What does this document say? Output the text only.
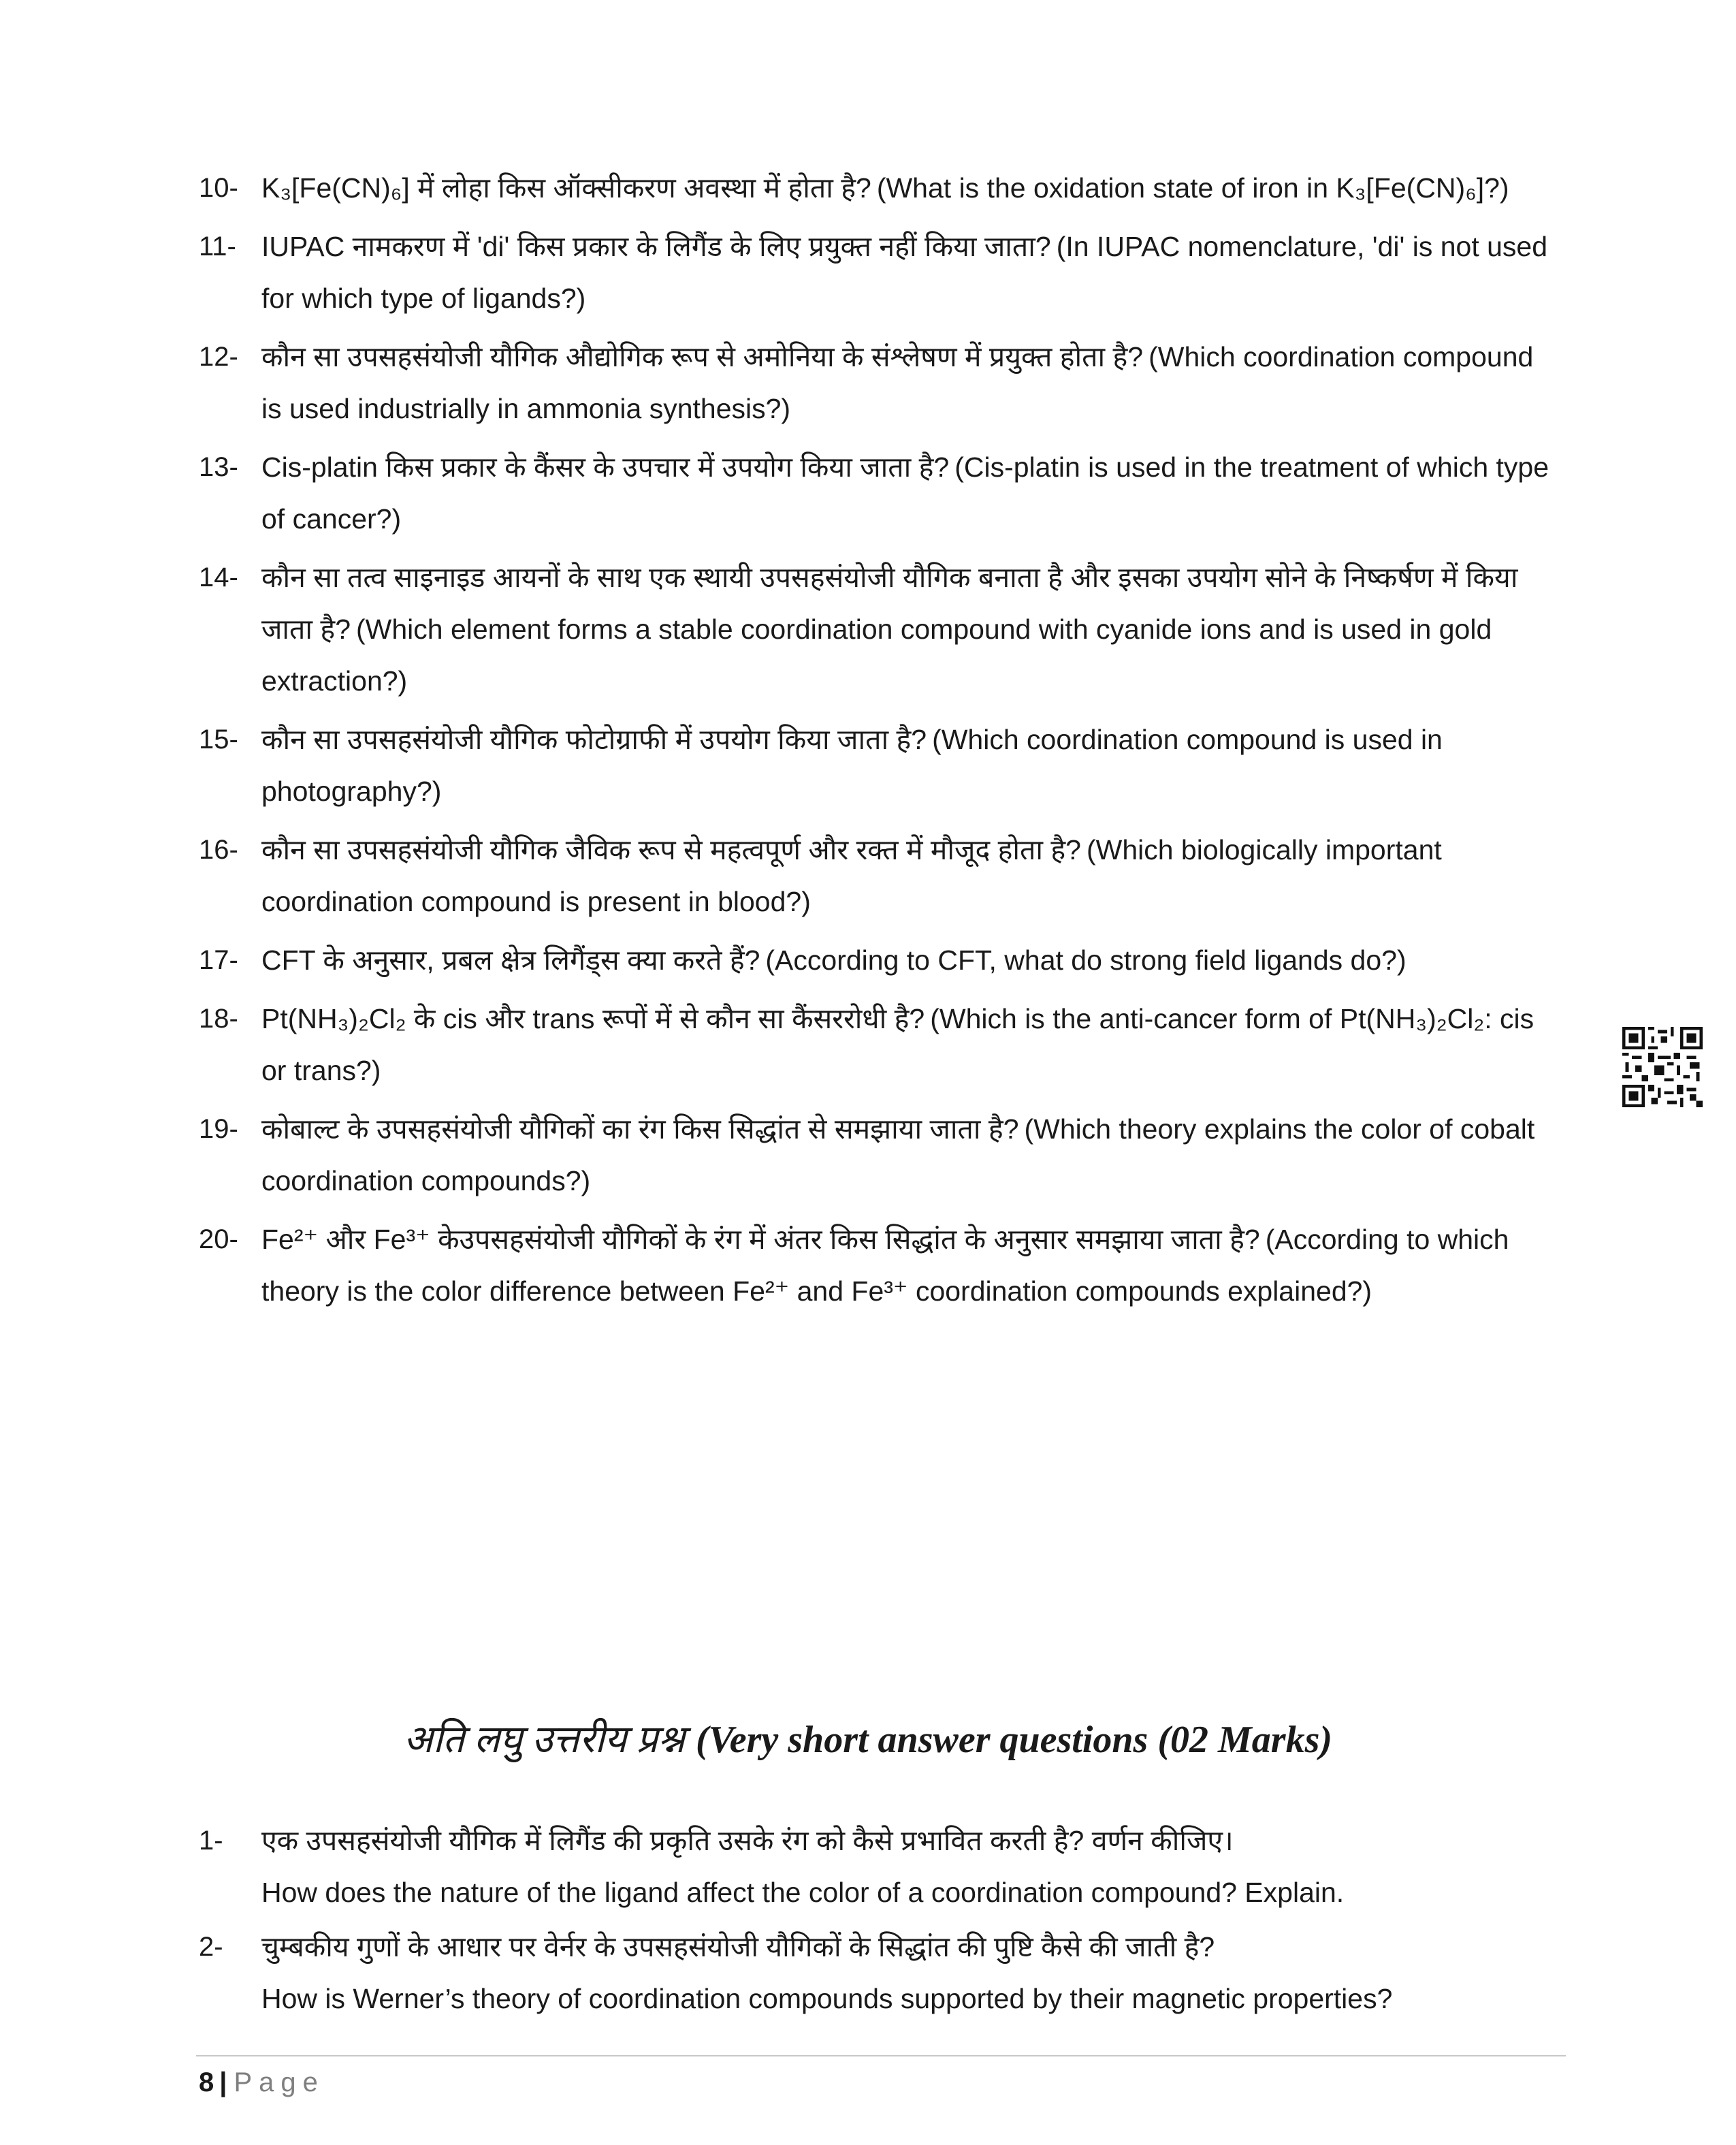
10- K₃[Fe(CN)₆] में लोहा किस ऑक्सीकरण अवस्था में होता है? (What is the oxidation state of iron in K₃[Fe(CN)₆]?)
11- IUPAC नामकरण में 'di' किस प्रकार के लिगैंड के लिए प्रयुक्त नहीं किया जाता? (In IUPAC nomenclature, 'di' is not used for which type of ligands?)
12- कौन सा उपसहसंयोजी यौगिक औद्योगिक रूप से अमोनिया के संश्लेषण में प्रयुक्त होता है? (Which coordination compound is used industrially in ammonia synthesis?)
13- Cis-platin किस प्रकार के कैंसर के उपचार में उपयोग किया जाता है? (Cis-platin is used in the treatment of which type of cancer?)
14- कौन सा तत्व साइनाइड आयनों के साथ एक स्थायी उपसहसंयोजी यौगिक बनाता है और इसका उपयोग सोने के निष्कर्षण में किया जाता है? (Which element forms a stable coordination compound with cyanide ions and is used in gold extraction?)
15- कौन सा उपसहसंयोजी यौगिक फोटोग्राफी में उपयोग किया जाता है? (Which coordination compound is used in photography?)
16- कौन सा उपसहसंयोजी यौगिक जैविक रूप से महत्वपूर्ण और रक्त में मौजूद होता है? (Which biologically important coordination compound is present in blood?)
17- CFT के अनुसार, प्रबल क्षेत्र लिगैंड्स क्या करते हैं? (According to CFT, what do strong field ligands do?)
18- Pt(NH₃)₂Cl₂ के cis और trans रूपों में से कौन सा कैंसररोधी है? (Which is the anti-cancer form of Pt(NH₃)₂Cl₂: cis or trans?)
19- कोबाल्ट के उपसहसंयोजी यौगिकों का रंग किस सिद्धांत से समझाया जाता है? (Which theory explains the color of cobalt coordination compounds?)
20- Fe²⁺ और Fe³⁺ केउपसहसंयोजी यौगिकों के रंग में अंतर किस सिद्धांत के अनुसार समझाया जाता है? (According to which theory is the color difference between Fe²⁺ and Fe³⁺ coordination compounds explained?)
अति लघु उत्तरीय प्रश्न (Very short answer questions (02 Marks)
1-	एक उपसहसंयोजी यौगिक में लिगैंड की प्रकृति उसके रंग को कैसे प्रभावित करती है? वर्णन कीजिए।
How does the nature of the ligand affect the color of a coordination compound? Explain.
2-	चुम्बकीय गुणों के आधार पर वेर्नर के उपसहसंयोजी यौगिकों के सिद्धांत की पुष्टि कैसे की जाती है?
How is Werner’s theory of coordination compounds supported by their magnetic properties?
8 | Page
